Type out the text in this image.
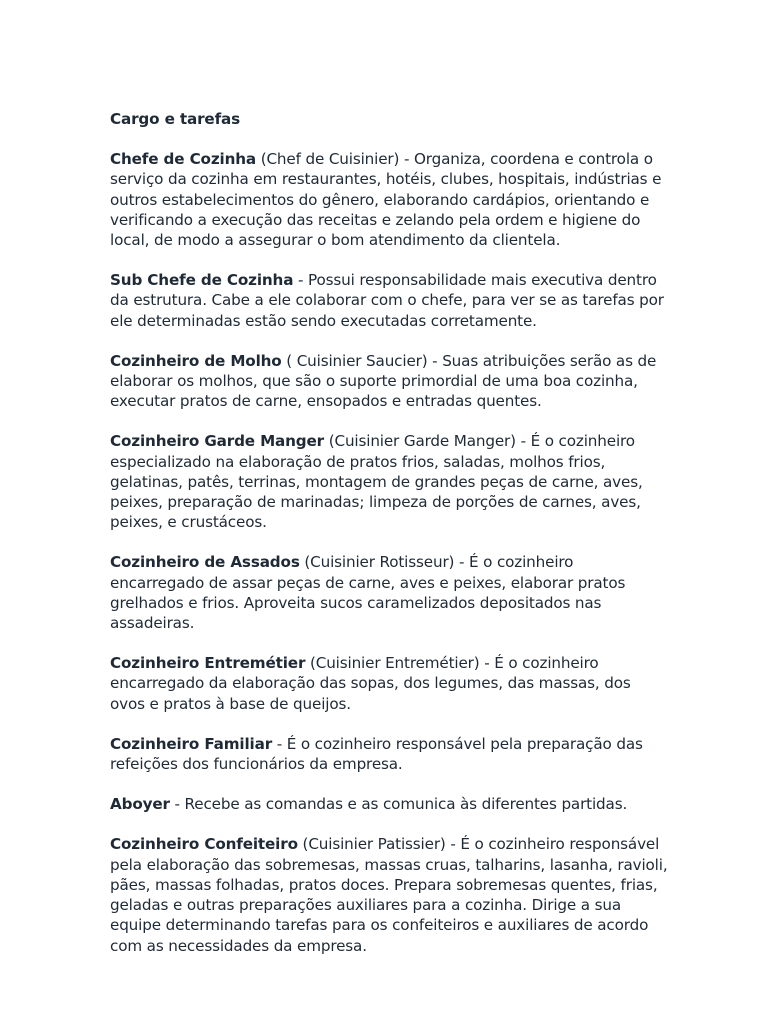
Cargo e tarefas

Chefe de Cozinha (Chef de Cuisinier) - Organiza, coordena e controla o serviço da cozinha em restaurantes, hotéis, clubes, hospitais, indústrias e outros estabelecimentos do gênero, elaborando cardápios, orientando e verificando a execução das receitas e zelando pela ordem e higiene do local, de modo a assegurar o bom atendimento da clientela.

Sub Chefe de Cozinha - Possui responsabilidade mais executiva dentro da estrutura. Cabe a ele colaborar com o chefe, para ver se as tarefas por ele determinadas estão sendo executadas corretamente.

Cozinheiro de Molho ( Cuisinier Saucier) - Suas atribuições serão as de elaborar os molhos, que são o suporte primordial de uma boa cozinha, executar pratos de carne, ensopados e entradas quentes.

Cozinheiro Garde Manger (Cuisinier Garde Manger) - É o cozinheiro especializado na elaboração de pratos frios, saladas, molhos frios, gelatinas, patês, terrinas, montagem de grandes peças de carne, aves, peixes, preparação de marinadas; limpeza de porções de carnes, aves, peixes, e crustáceos.

Cozinheiro de Assados (Cuisinier Rotisseur) - É o cozinheiro encarregado de assar peças de carne, aves e peixes, elaborar pratos grelhados e frios. Aproveita sucos caramelizados depositados nas assadeiras.

Cozinheiro Entremétier (Cuisinier Entremétier) - É o cozinheiro encarregado da elaboração das sopas, dos legumes, das massas, dos ovos e pratos à base de queijos.

Cozinheiro Familiar - É o cozinheiro responsável pela preparação das refeições dos funcionários da empresa.

Aboyer - Recebe as comandas e as comunica às diferentes partidas.

Cozinheiro Confeiteiro (Cuisinier Patissier) - É o cozinheiro responsável pela elaboração das sobremesas, massas cruas, talharins, lasanha, ravioli, pães, massas folhadas, pratos doces. Prepara sobremesas quentes, frias, geladas e outras preparações auxiliares para a cozinha. Dirige a sua equipe determinando tarefas para os confeiteiros e auxiliares de acordo com as necessidades da empresa.
